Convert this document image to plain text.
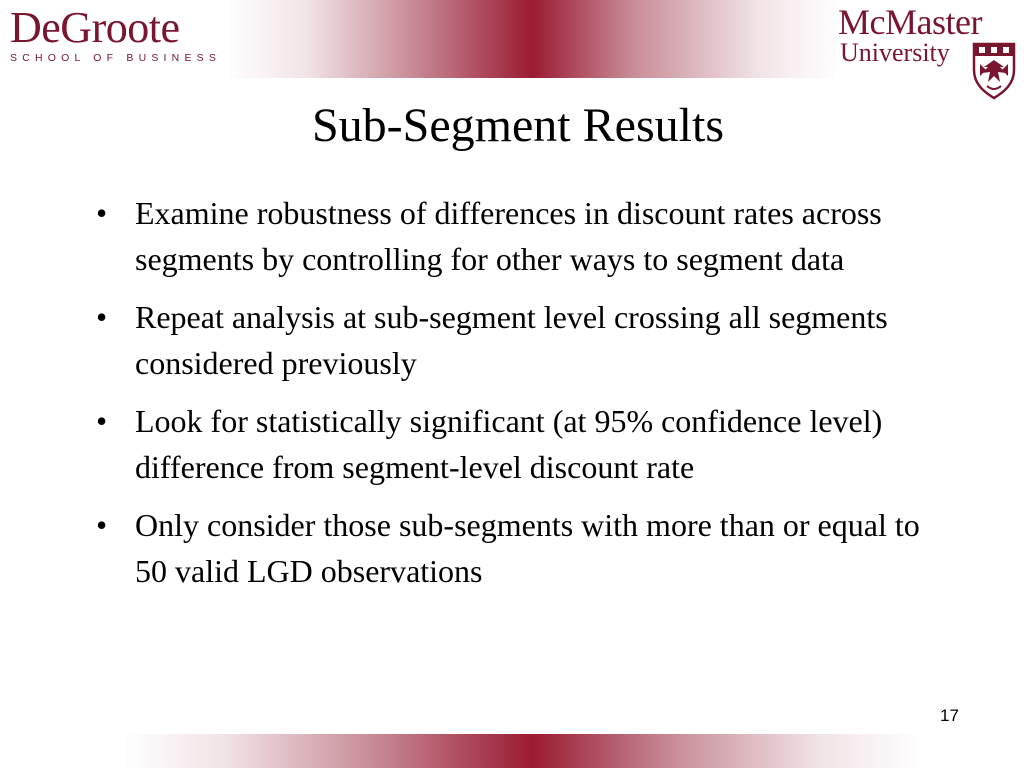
DeGroote
SCHOOL OF BUSINESS
McMaster
University
Sub-Segment Results
• Examine robustness of differences in discount rates across segments by controlling for other ways to segment data
• Repeat analysis at sub-segment level crossing all segments considered previously
• Look for statistically significant (at 95% confidence level) difference from segment-level discount rate
• Only consider those sub-segments with more than or equal to 50 valid LGD observations
17
